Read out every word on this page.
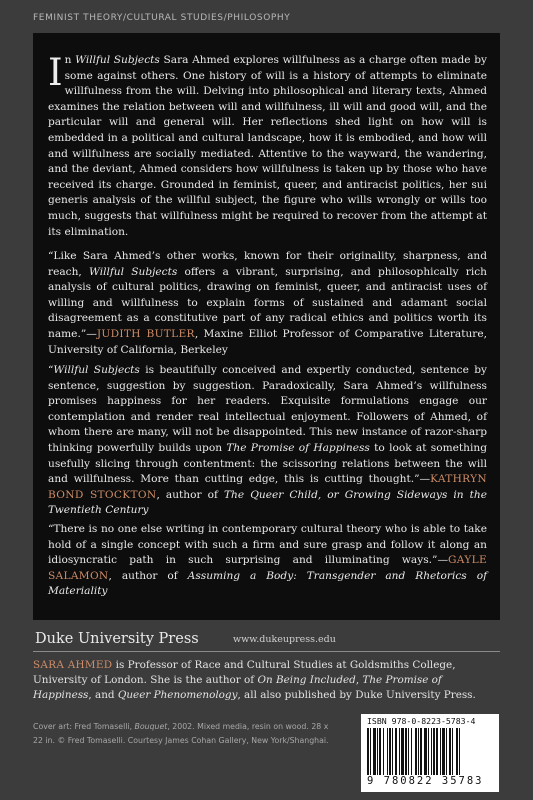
FEMINIST THEORY/CULTURAL STUDIES/PHILOSOPHY

In Willful Subjects Sara Ahmed explores willfulness as a charge often made by some against others. One history of will is a history of attempts to eliminate willfulness from the will. Delving into philosophical and literary texts, Ahmed examines the relation between will and willfulness, ill will and good will, and the particular will and general will. Her reflections shed light on how will is embedded in a political and cultural landscape, how it is embodied, and how will and willfulness are socially mediated. Attentive to the wayward, the wandering, and the deviant, Ahmed considers how willfulness is taken up by those who have received its charge. Grounded in feminist, queer, and antiracist politics, her sui generis analysis of the willful subject, the figure who wills wrongly or wills too much, suggests that willfulness might be required to recover from the attempt at its elimination.

“Like Sara Ahmed’s other works, known for their originality, sharpness, and reach, Willful Subjects offers a vibrant, surprising, and philosophically rich analysis of cultural politics, drawing on feminist, queer, and antiracist uses of willing and willfulness to explain forms of sustained and adamant social disagreement as a constitutive part of any radical ethics and politics worth its name.”—JUDITH BUTLER, Maxine Elliot Professor of Comparative Literature, University of California, Berkeley

“Willful Subjects is beautifully conceived and expertly conducted, sentence by sentence, suggestion by suggestion. Paradoxically, Sara Ahmed’s willfulness promises happiness for her readers. Exquisite formulations engage our contemplation and render real intellectual enjoyment. Followers of Ahmed, of whom there are many, will not be disappointed. This new instance of razor-sharp thinking powerfully builds upon The Promise of Happiness to look at something usefully slicing through contentment: the scissoring relations between the will and willfulness. More than cutting edge, this is cutting thought.”—KATHRYN BOND STOCKTON, author of The Queer Child, or Growing Sideways in the Twentieth Century

“There is no one else writing in contemporary cultural theory who is able to take hold of a single concept with such a firm and sure grasp and follow it along an idiosyncratic path in such surprising and illuminating ways.”—GAYLE SALAMON, author of Assuming a Body: Transgender and Rhetorics of Materiality

Duke University Press	www.dukeupress.edu

SARA AHMED is Professor of Race and Cultural Studies at Goldsmiths College, University of London. She is the author of On Being Included, The Promise of Happiness, and Queer Phenomenology, all also published by Duke University Press.

Cover art: Fred Tomaselli, Bouquet, 2002. Mixed media, resin on wood. 28 x 22 in. © Fred Tomaselli. Courtesy James Cohan Gallery, New York/Shanghai.

ISBN 978-0-8223-5783-4
9 780822 35783
